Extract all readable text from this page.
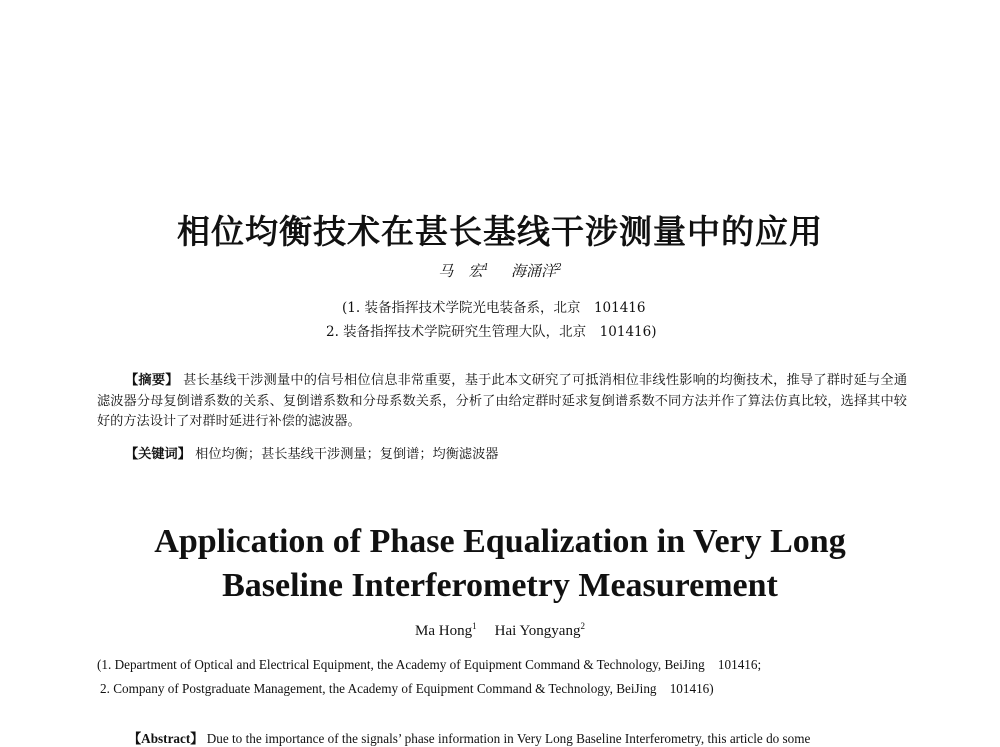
相位均衡技术在甚长基线干涉测量中的应用
马　宏$^1$ 海涌洋$^2$
(1. 装备指挥技术学院光电装备系，北京　101416
2. 装备指挥技术学院研究生管理大队，北京　101416)
【摘要】 甚长基线干涉测量中的信号相位信息非常重要，基于此本文研究了可抵消相位非线性影响的均衡技术，推导了群时延与全通滤波器分母复倒谱系数的关系、复倒谱系数和分母系数关系，分析了由给定群时延求复倒谱系数不同方法并作了算法仿真比较，选择其中较好的方法设计了对群时延进行补偿的滤波器。
【关键词】 相位均衡；甚长基线干涉测量；复倒谱；均衡滤波器
Application of Phase Equalization in Very Long
Baseline Interferometry Measurement
Ma Hong$^1$ Hai Yongyang$^2$
(1. Department of Optical and Electrical Equipment, the Academy of Equipment Command & Technology, BeiJing　101416;
2. Company of Postgraduate Management, the Academy of Equipment Command & Technology, BeiJing　101416)
【Abstract】 Due to the importance of the signals’ phase information in Very Long Baseline Interferometry, this article do some
